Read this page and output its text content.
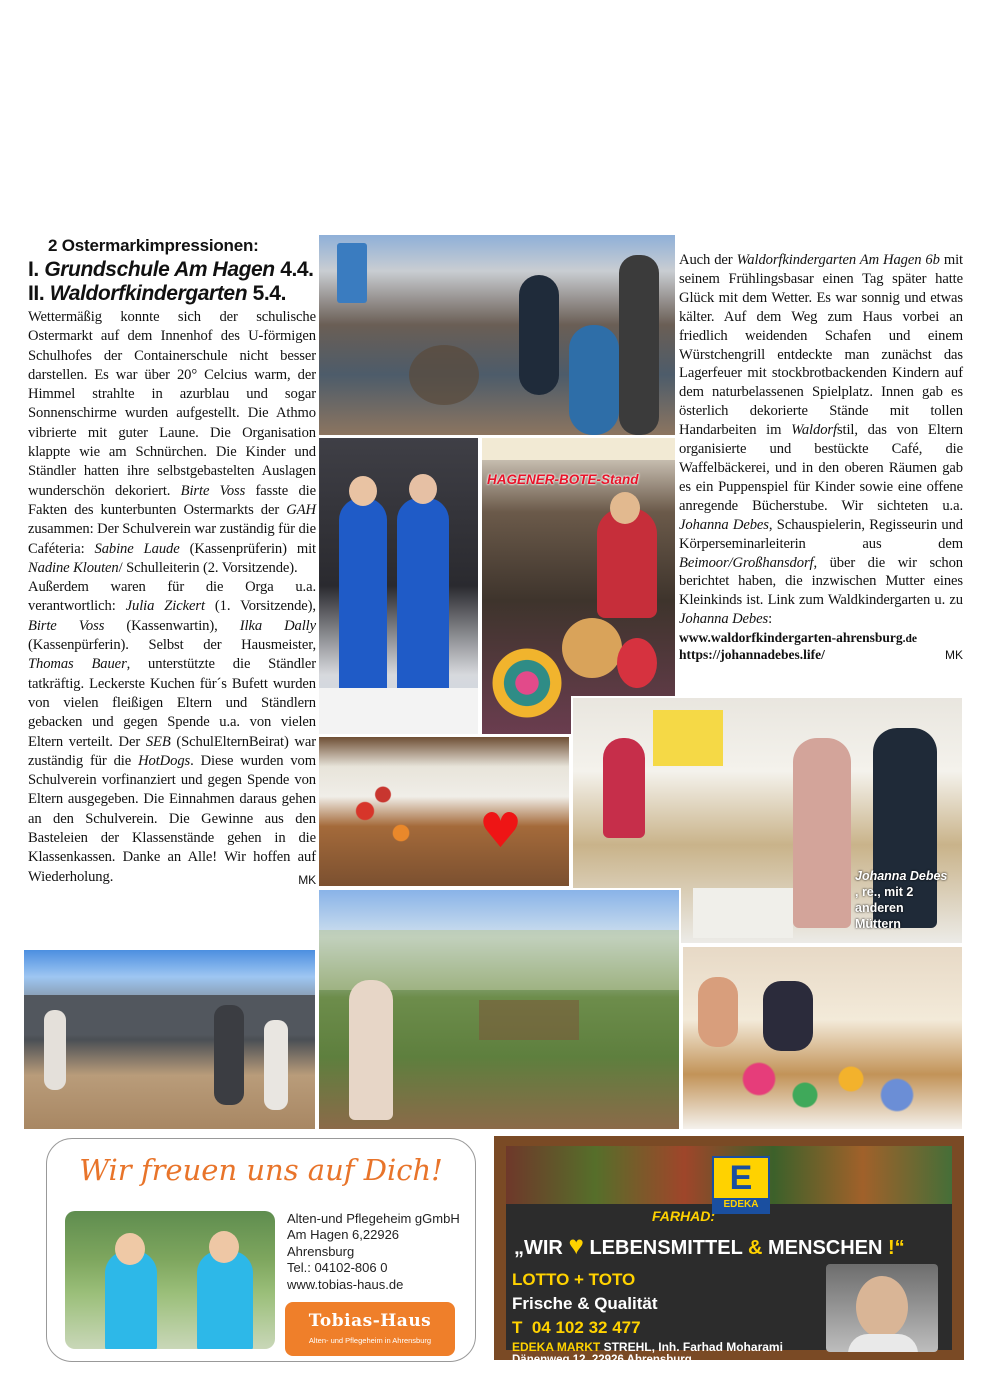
2 Ostermarkimpressionen:
I. Grundschule Am Hagen 4.4.
II. Waldorfkindergarten 5.4.
Wettermäßig konnte sich der schulische Ostermarkt auf dem Innenhof des U-förmigen Schulhofes der Containerschule nicht besser darstellen. Es war über 20° Celcius warm, der Himmel strahlte in azurblau und sogar Sonnenschirme wurden aufgestellt. Die Athmo vibrierte mit guter Laune. Die Organisation klappte wie am Schnürchen. Die Kinder und Ständler hatten ihre selbstgebastelten Auslagen wunderschön dekoriert. Birte Voss fasste die Fakten des kunterbunten Ostermarkts der GAH zusammen: Der Schulverein war zuständig für die Caféteria: Sabine Laude (Kassenprüferin) mit Nadine Klouten/ Schulleiterin (2. Vorsitzende).
Außerdem waren für die Orga u.a. verantwortlich: Julia Zickert (1. Vorsitzende), Birte Voss (Kassenwartin), Ilka Dally (Kassenpürferin). Selbst der Hausmeister, Thomas Bauer, unterstützte die Ständler tatkräftig. Leckerste Kuchen für´s Bufett wurden von vielen fleißigen Eltern und Ständlern gebacken und gegen Spende u.a. von vielen Eltern verteilt. Der SEB (SchulElternBeirat) war zuständig für die HotDogs. Diese wurden vom Schulverein vorfinanziert und gegen Spende von Eltern ausgegeben. Die Einnahmen daraus gehen an den Schulverein. Die Gewinne aus den Basteleien der Klassenstände gehen in die Klassenkassen. Danke an Alle! Wir hoffen auf Wiederholung.	MK
Auch der Waldorfkindergarten Am Hagen 6b mit seinem Frühlingsbasar einen Tag später hatte Glück mit dem Wetter. Es war sonnig und etwas kälter. Auf dem Weg zum Haus vorbei an friedlich weidenden Schafen und einem Würstchengrill entdeckte man zunächst das Lagerfeuer mit stockbrotbackenden Kindern auf dem naturbelassenen Spielplatz. Innen gab es österlich dekorierte Stände mit tollen Handarbeiten im Waldorfstil, das von Eltern organisierte und bestückte Café, die Waffelbäckerei, und in den oberen Räumen gab es ein Puppenspiel für Kinder sowie eine offene anregende Bücherstube. Wir sichteten u.a. Johanna Debes, Schauspielerin, Regisseurin und Körperseminarleiterin aus dem Beimoor/Großhansdorf, über die wir schon berichtet haben, die inzwischen Mutter eines Kleinkinds ist. Link zum Waldkindergarten u. zu Johanna Debes:
www.waldorfkindergarten-ahrensburg.de
https://johannadebes.life/	MK
HAGENER-BOTE-Stand
♥
Johanna Debes
, re., mit 2
anderen
Müttern
Wir freuen uns auf Dich!
Alten-und Pflegeheim gGmbH
Am Hagen 6,22926
Ahrensburg
Tel.: 04102-806 0
www.tobias-haus.de
Tobias-Haus
Alten- und Pflegeheim in Ahrensburg
E
EDEKA
FARHAD:
„WIR ♥ LEBENSMITTEL & MENSCHEN !“
LOTTO + TOTO
Frische & Qualität
T 04 102 32 477
EDEKA MARKT STREHL, Inh. Farhad Moharami
Dänenweg 12, 22926 Ahrensburg
